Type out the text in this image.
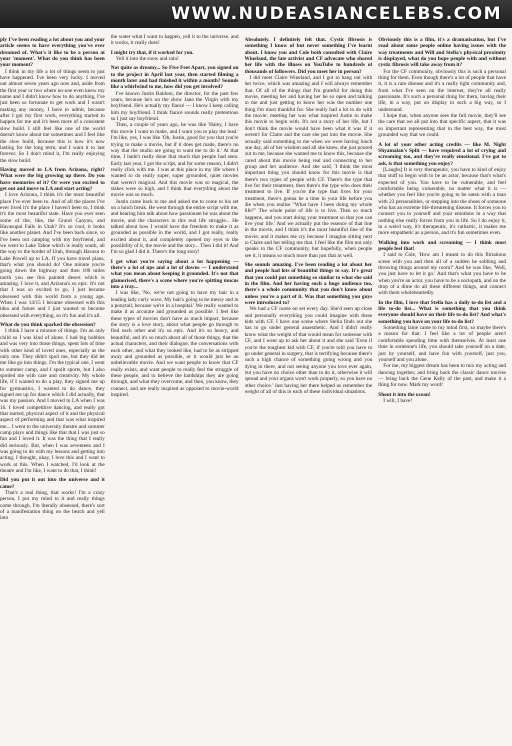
WWW.NUDEASIANCELEBS.COM

ply I've been reading a lot about you and your article seems to have everything you've ever dreamed of. What's it like to be a person at your 'moment'. What do you think has been your moment?

I think in my life a lot of things seem to just have happened. I've been very lucky. I moved out almost seven years ago now and, aside from the first year or two where no-one even knew my name and I didn't know how to do anything, I've just been so fortunate to get work and I wasn't making any money, I have to admit, because after I got my first work, everything started to happen for me and it's been more of a consistent slow build. I still feel like one of the world doesn't know about me sometimes and I feel like the slow build, because this is how it's now lasting for the long term, and I want it to last forever. So I don't mind it, I'm really enjoying the slow build.

Having moved to LA from Arizona, right? What were the big growing up there. Do you have memories of it? Or were you excited to get out and move to LA and start acting?

I love Arizona, I think it's the most beautiful place I've ever been to. And of all the places I've ever lived it's the place I haven't been to, I think it's the most beautiful state. Have you ever seen some of the, like, the Grand Canyon, and Havasupai Falls in Utah? It's so cool, it looks like another planet. And I've been back since, so I've been out camping with my boyfriend, and we went to Lake Tahoe which is really south, all the way to the border of Utah, through Havasu to Lake Powell up to LA. If you have travel plans, that's what you should do! One minute you're going down the highway and then 100 miles north you see this painted desert which is amazing. I love it, and Arizona's so epic. It's not that I was so excited to go, I just became obsessed with this world from a young age. When I was 14/15 I became obsessed with this idea and future and I just wanted to become obsessed with everything, so it's fun and it's all.

What do you think sparked the obsession?

I think I have a mixture of things. I'm an only child so I was kind of alone. I had big hobbies and was very into those things, spent lots of time with other kind of loved ones, especially as the only one. They didn't spoil me, but they did let me like go into things. I'm the typical one, I went to summer camp, and I spoilt sports, but I also spoiled me with care and creativity. My whole life, if I wanted to do a play, they signed me up for gymnastics, I wanted to do dance, they signed me up for dance which I did actually, that was my passion. And I moved to LA when I was 16. I loved competitive dancing, and really got that started, physical aspect of it and the physical aspect of performing and that was what inspired me... I went to the university theatre and summer camp plays and things like that that I was just so fun and I loved it. It was the thing that I really did seriously. But, when I was seventeen and I was going to do with my lessons and getting into acting, I thought, okay, I love this and I want to work at this. When I watched, I'd look at the theatre and I'm like, I want to do that, I think!

Did you put it out into the universe and it came?

That's a real thing, that works! I'm a crazy person, I put my mind to it and really things come through. I'm literally obsessed, there's sort of a manifestation thing on the beach and yell into

the water what I want to happen, yell it to the universe, and it works, it really does!

I might try that, if it worked for you.

Yell it into the snow and rain!

Not quite as dreamy... So Five Feet Apart, you signed on to the project in April last year, then started filming a month later and had finished it within a month? Sounds like a whirlwind to me, how did you get involved?

I've known Justin Baldoni, the director, for the past few years, because he's on the show Jane the Virgin with my boyfriend. He's actually my fiancé — I know I keep calling him my boyfriend. I think fiancé sounds really pretentious so I just say boyfriend.

Then, a couple of years ago, he was like 'Haley, I have this movie I want to make, and I want you to play the lead.' I'm like, yes, I was like 'Oh, Justin, good for you that you're trying to make a movie, but if it does get made, there's no way that the studio are going to want me to do it.' At that time, I hadn't really done that much that people had seen. Early last year, I got the script, and for some reason, I didn't really click with me. I was at this place in my life where I wanted to do really super, super grounded, quiet movies that weren't magical. And this movie was so magical, the stakes were so high, and I think that everything about the movie was so much.

Justin came back to me and asked me to come to his set on a lunch break. He went through the entire script with me, and hearing him talk about how passionate he was about the movie, and the characters in this real life struggle... He talked about how I would have the freedom to make it as grounded as possible in the world, and I got really, really excited about it, and completely opened my eyes to the possibility of it, the movie and the story... Then I did it! And I'm so glad I did it. There's the long story!

I get what you're saying about a lot happening — there's a lot of ups and a lot of downs — I understand what you mean about keeping it grounded. It's not that glamorised, there's a scene where you're spitting mucus into a tray...

I was like, 'No, we're not going to have my hair in a leading lady curly wave. My hair's going to be messy and in a ponytail, because we're in a hospital.' We really wanted to make it as accurate and grounded as possible. I feel like these types of movies don't have as much impact, because the story is a love story, about what people go through to find each other and it's so epic. And it's so heavy, and beautiful, and it's so much about all of those things, that the actual characters, and their dialogue, the conversations with each other, and what they looked like, had to be as stripped away and grounded as possible, or it would just be an unbelievable movie. And we want people to know that CF really exists, and want people to really feel the struggle of these people, and to believe the hardships they are going through, and what they overcome, and then, you know, they connect, and are really inspired as opposed to movie-world inspired.

Absolutely. I definitely felt that. Cystic fibrosis is something I know of but never something I've learnt about. I know you and Cole both consulted with Claire Wineland, the late activist and CF advocate who shared her life with the illness on YouTube to hundreds of thousands of followers. Did you meet her in person?

I did meet Claire Wineland, and I got to hang out with her twice, which was amazing and I will always remember that. Of all of the things that I'm grateful for doing this movie, meeting her and having her be so open and talking to me and just getting to know her was the number one thing I'm most thankful for. She really had a lot to do with the movie; meeting her was what inspired Justin to make this movie to begin with. It's not a story of her life, but I don't think the movie would have been what it was if it weren't for Claire and the care she put into the movie. She actually said something to me when we were having lunch one day, all of her wisdom and all she knew, she just poured out to me, because she wanted me to know this, because she cared about this movie being real and connecting to her group and her audience. And she said, 'I think the most important thing you should know for this movie is that there's two types of people with CF. There's the type that live for their treatment, then there's the type who does their treatment to live. If you're the type that lives for your treatment, there's gonna be a time in your life before you die when you realise "What have I been doing my whole life?" The whole point of life is to live. Then so much happens, and you start doing your treatment so that you can live your life.' And we actually put the essence of that line in the movie, and I think it's the most beautiful line of the movie, and it makes me cry because I imagine sitting next to Claire and her telling me that. I feel like the film not only speaks to the CF community, but hopefully, when people see it, it means so much more than just that as well.

She sounds amazing. I've been reading a lot about her and people had lots of beautiful things to say. It's great that you could put something so similar to what she said in the film. And her having such a huge audience too, there's a whole community that you don't know about unless you're a part of it. Was that something you guys were introduced to?

We had a CF nurse on set every day. She'd seen up close and personally everything you could imagine with these kids with CF. I have one scene where Stella finds out she has to go under general anaesthetic. And I didn't really know what the weight of that would mean for someone with CF, and I went up to ask her about it and she said 'Even if you're the toughest kid with CF, if you're told you have to go under general in surgery, that is terrifying because there's such a high chance of something going wrong and you dying in there, and not seeing anyone you love ever again, but you have no choice other than to do it, otherwise it will spread and your organs won't work properly, so you have no other choice.' Just having her there helped us remember the weight of all of this in each of these individual situations.

Obviously this is a film, it's a dramatisation, but I've read about some people online having issues with the way treatments and Will and Stella's physical proximity is displayed, what do you hope people with and without cystic fibrosis will take away from it?

For the CF community, obviously this is such a personal thing for them. Even though there's a lot of people that have it, it is a rare disease and it's a really tight community and, from what I've seen on the internet, they're all really passionate. It's such a personal thing for them, having their life, in a way, put on display in such a big way, so I understand.

I hope that, when anyone sees the full movie, they'll see the care that we all put into that specific aspect, that it was so important representing that in the best way, the most grounded way that we could.

A lot of your other acting credits — like M. Night Shyamalan's Split — have required a lot of crying and screaming too, and they're really emotional. I've got to ask, is that something you enjoy?

[Laughs] It is very therapeutic, you have to kind of enjoy that stuff to begin with to be an actor, because that's what's expected of you. You have to be vulnerable, and feel comfortable being vulnerable, no matter what it is — whether you feel like you're going to be eaten with a man with 23 personalities, or stepping into the shoes of someone who has an extreme life-threatening disease. It forces you to connect you to yourself and your emotions in a way that nothing else really forces from you in life. So I do enjoy it, in a weird way, it's therapeutic, it's cathartic, it makes me more empathetic as a person, and it's fun sometimes even.

Walking into work and screaming — I think most people feel that!

I said to Cole, 'How am I meant to do this flirtatious scene with you and then all of a sudden be sobbing and throwing things around my room?' And he was like, 'Well, you just have to let it go.' And that's what you have to be when you're an actor, you have to be a sociopath, and on the drop of a dime do all these different things, and connect with them wholeheartedly.

In the film, I love that Stella has a daily to-do list and a life to-do list... What is something that you think everyone should have on their life to-do list? And what's something you have on your life to-do list?

Something lame came to my mind first, so maybe there's a reason for that. I feel like a lot of people aren't comfortable spending time with themselves. At least one time in someone's life, you should take yourself on a date, just by yourself, and have fun with yourself, just you, yourself and you alone.

For me, my biggest dream has been to mix my acting and dancing together, and bring back the classic dance movies — bring back the Gene Kelly of the past, and make it a thing for now. Mark my word!

Shout it into the ocean!

I will, I have!
